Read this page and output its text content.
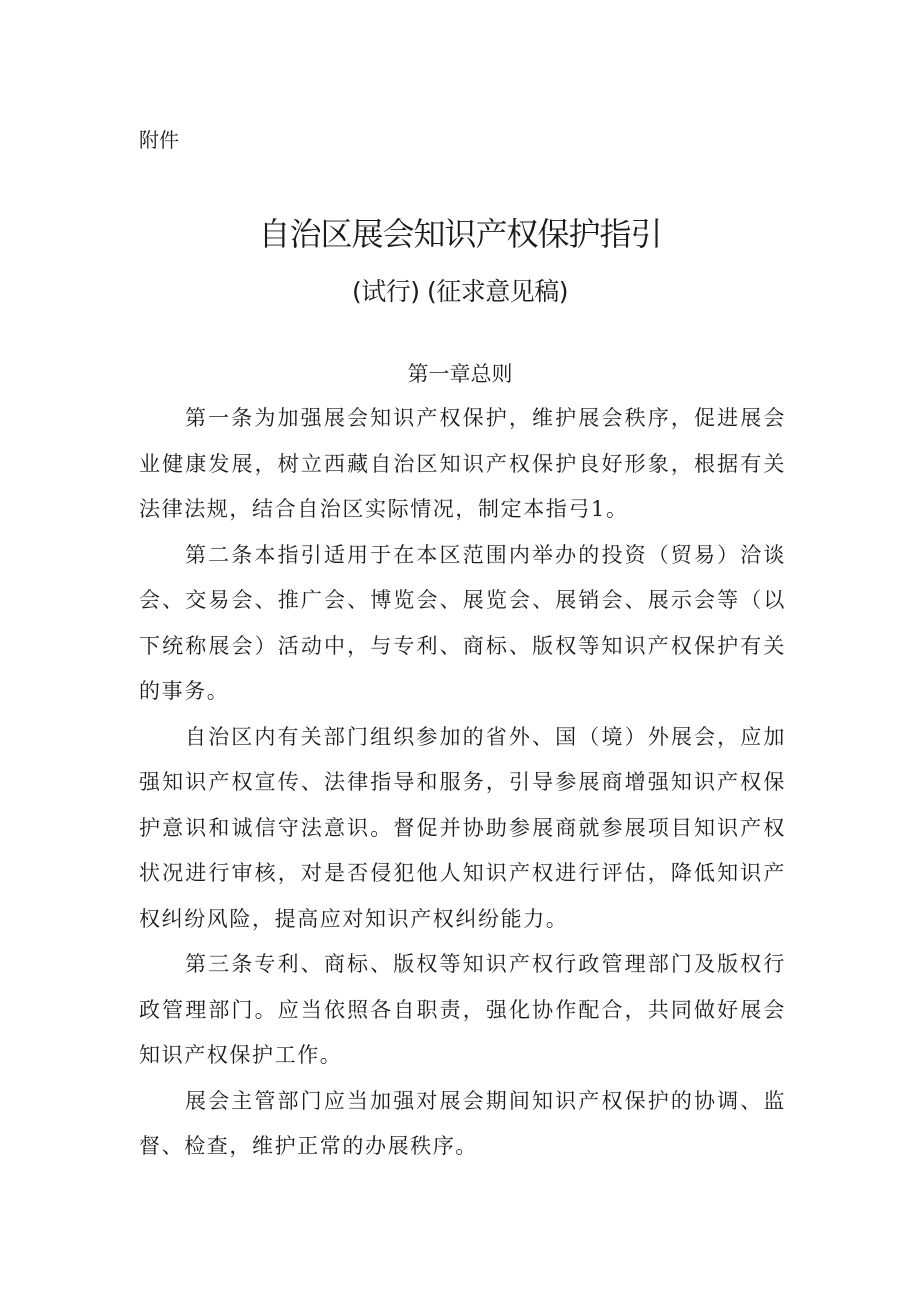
附件

自治区展会知识产权保护指引

(试行) (征求意见稿)

第一章总则

第一条为加强展会知识产权保护，维护展会秩序，促进展会业健康发展，树立西藏自治区知识产权保护良好形象，根据有关法律法规，结合自治区实际情况，制定本指弓1。

第二条本指引适用于在本区范围内举办的投资（贸易）洽谈会、交易会、推广会、博览会、展览会、展销会、展示会等（以下统称展会）活动中，与专利、商标、版权等知识产权保护有关的事务。

自治区内有关部门组织参加的省外、国（境）外展会，应加强知识产权宣传、法律指导和服务，引导参展商增强知识产权保护意识和诚信守法意识。督促并协助参展商就参展项目知识产权状况进行审核，对是否侵犯他人知识产权进行评估，降低知识产权纠纷风险，提高应对知识产权纠纷能力。

第三条专利、商标、版权等知识产权行政管理部门及版权行政管理部门。应当依照各自职责，强化协作配合，共同做好展会知识产权保护工作。

展会主管部门应当加强对展会期间知识产权保护的协调、监督、检查，维护正常的办展秩序。
